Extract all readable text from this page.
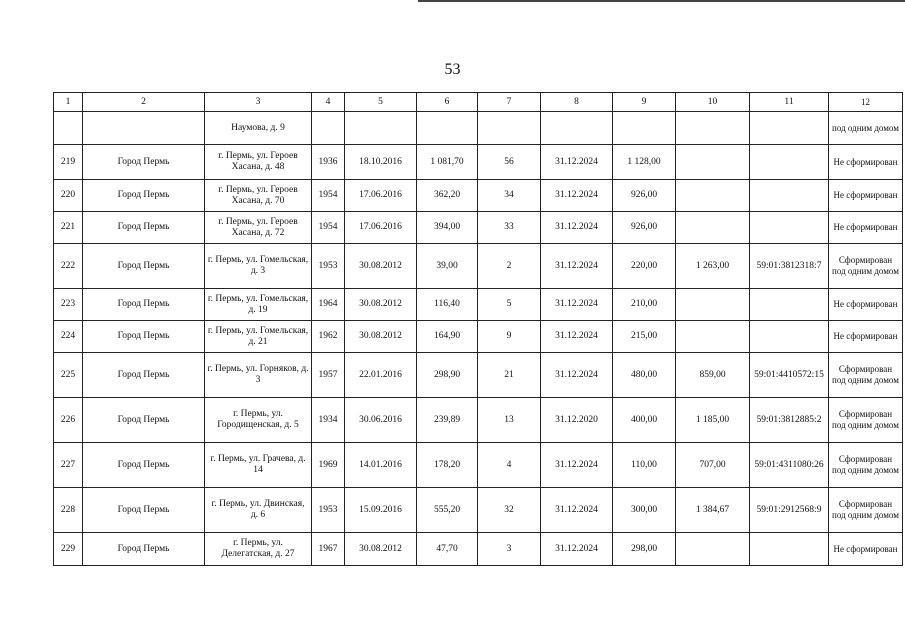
53
1	2	3	4	5	6	7	8	9	10	11	12
		Наумова, д. 9									под одним домом
219	Город Пермь	г. Пермь, ул. Героев Хасана, д. 48	1936	18.10.2016	1 081,70	56	31.12.2024	1 128,00			Не сформирован
220	Город Пермь	г. Пермь, ул. Героев Хасана, д. 70	1954	17.06.2016	362,20	34	31.12.2024	926,00			Не сформирован
221	Город Пермь	г. Пермь, ул. Героев Хасана, д. 72	1954	17.06.2016	394,00	33	31.12.2024	926,00			Не сформирован
222	Город Пермь	г. Пермь, ул. Гомельская, д. 3	1953	30.08.2012	39,00	2	31.12.2024	220,00	1 263,00	59:01:3812318:7	Сформирован под одним домом
223	Город Пермь	г. Пермь, ул. Гомельская, д. 19	1964	30.08.2012	116,40	5	31.12.2024	210,00			Не сформирован
224	Город Пермь	г. Пермь, ул. Гомельская, д. 21	1962	30.08.2012	164,90	9	31.12.2024	215,00			Не сформирован
225	Город Пермь	г. Пермь, ул. Горняков, д. 3	1957	22.01.2016	298,90	21	31.12.2024	480,00	859,00	59:01:4410572:15	Сформирован под одним домом
226	Город Пермь	г. Пермь, ул. Городищенская, д. 5	1934	30.06.2016	239,89	13	31.12.2020	400,00	1 185,00	59:01:3812885:2	Сформирован под одним домом
227	Город Пермь	г. Пермь, ул. Грачева, д. 14	1969	14.01.2016	178,20	4	31.12.2024	110,00	707,00	59:01:4311080:26	Сформирован под одним домом
228	Город Пермь	г. Пермь, ул. Двинская, д. 6	1953	15.09.2016	555,20	32	31.12.2024	300,00	1 384,67	59:01:2912568:9	Сформирован под одним домом
229	Город Пермь	г. Пермь, ул. Делегатская, д. 27	1967	30.08.2012	47,70	3	31.12.2024	298,00			Не сформирован
